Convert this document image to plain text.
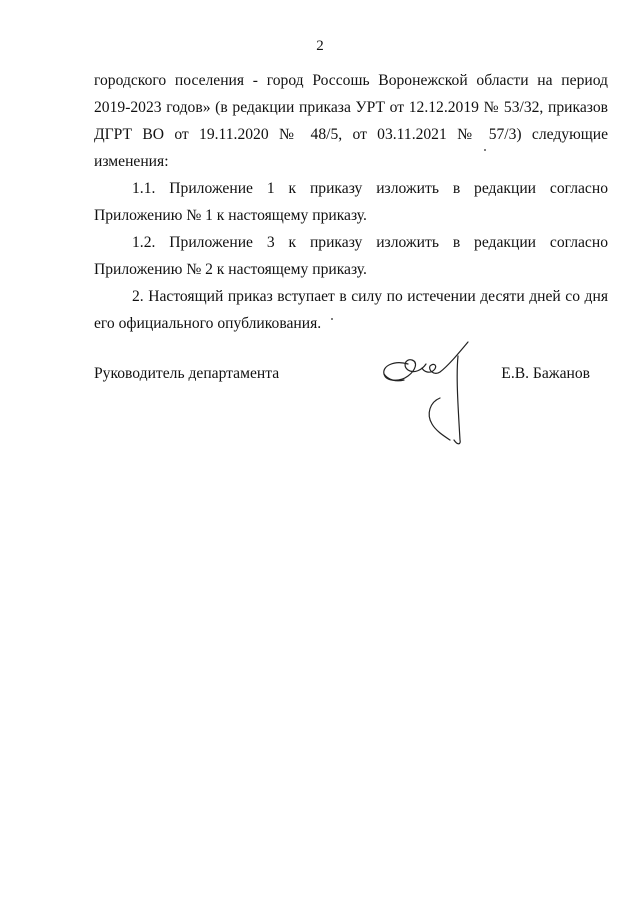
2

городского поселения - город Россошь Воронежской области на период 2019-2023 годов» (в редакции приказа УРТ от 12.12.2019 № 53/32, приказов ДГРТ ВО от 19.11.2020 № 48/5, от 03.11.2021 № 57/3) следующие изменения:

1.1. Приложение 1 к приказу изложить в редакции согласно Приложению № 1 к настоящему приказу.

1.2. Приложение 3 к приказу изложить в редакции согласно Приложению № 2 к настоящему приказу.

2. Настоящий приказ вступает в силу по истечении десяти дней со дня его официального опубликования.

Руководитель департамента	Е.В. Бажанов
